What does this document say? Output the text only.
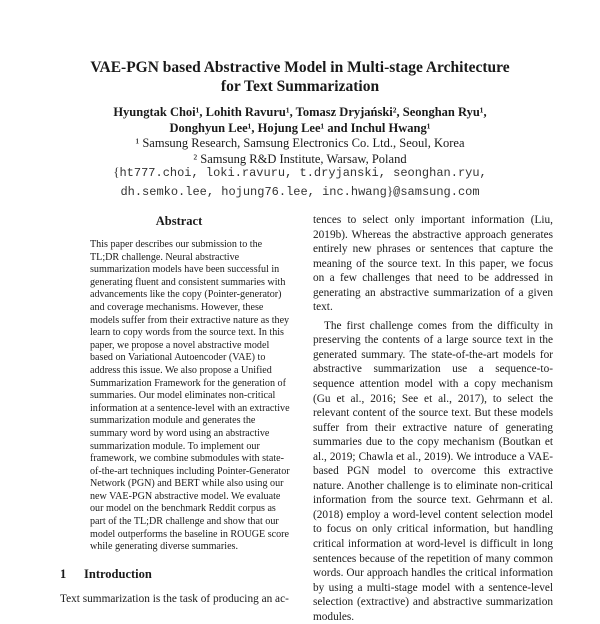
VAE-PGN based Abstractive Model in Multi-stage Architecture
for Text Summarization
Hyungtak Choi¹, Lohith Ravuru¹, Tomasz Dryjański², Seonghan Ryu¹,
Donghyun Lee¹, Hojung Lee¹ and Inchul Hwang¹
¹ Samsung Research, Samsung Electronics Co. Ltd., Seoul, Korea
² Samsung R&D Institute, Warsaw, Poland
{ht777.choi, loki.ravuru, t.dryjanski, seonghan.ryu,
dh.semko.lee, hojung76.lee, inc.hwang}@samsung.com
Abstract
This paper describes our submission to the TL;DR challenge. Neural abstractive summarization models have been successful in generating fluent and consistent summaries with advancements like the copy (Pointer-generator) and coverage mechanisms. However, these models suffer from their extractive nature as they learn to copy words from the source text. In this paper, we propose a novel abstractive model based on Variational Autoencoder (VAE) to address this issue. We also propose a Unified Summarization Framework for the generation of summaries. Our model eliminates non-critical information at a sentence-level with an extractive summarization module and generates the summary word by word using an abstractive summarization module. To implement our framework, we combine submodules with state-of-the-art techniques including Pointer-Generator Network (PGN) and BERT while also using our new VAE-PGN abstractive model. We evaluate our model on the benchmark Reddit corpus as part of the TL;DR challenge and show that our model outperforms the baseline in ROUGE score while generating diverse summaries.
1 Introduction
Text summarization is the task of producing an ac-
tences to select only important information (Liu, 2019b). Whereas the abstractive approach generates entirely new phrases or sentences that capture the meaning of the source text. In this paper, we focus on a few challenges that need to be addressed in generating an abstractive summarization of a given text.
The first challenge comes from the difficulty in preserving the contents of a large source text in the generated summary. The state-of-the-art models for abstractive summarization use a sequence-to-sequence attention model with a copy mechanism (Gu et al., 2016; See et al., 2017), to select the relevant content of the source text. But these models suffer from their extractive nature of generating summaries due to the copy mechanism (Boutkan et al., 2019; Chawla et al., 2019). We introduce a VAE-based PGN model to overcome this extractive nature. Another challenge is to eliminate non-critical information from the source text. Gehrmann et al. (2018) employ a word-level content selection model to focus on only critical information, but handling critical information at word-level is difficult in long sentences because of the repetition of many common words. Our approach handles the critical information by using a multi-stage model with a sentence-level selection (extractive) and abstractive summarization modules.
